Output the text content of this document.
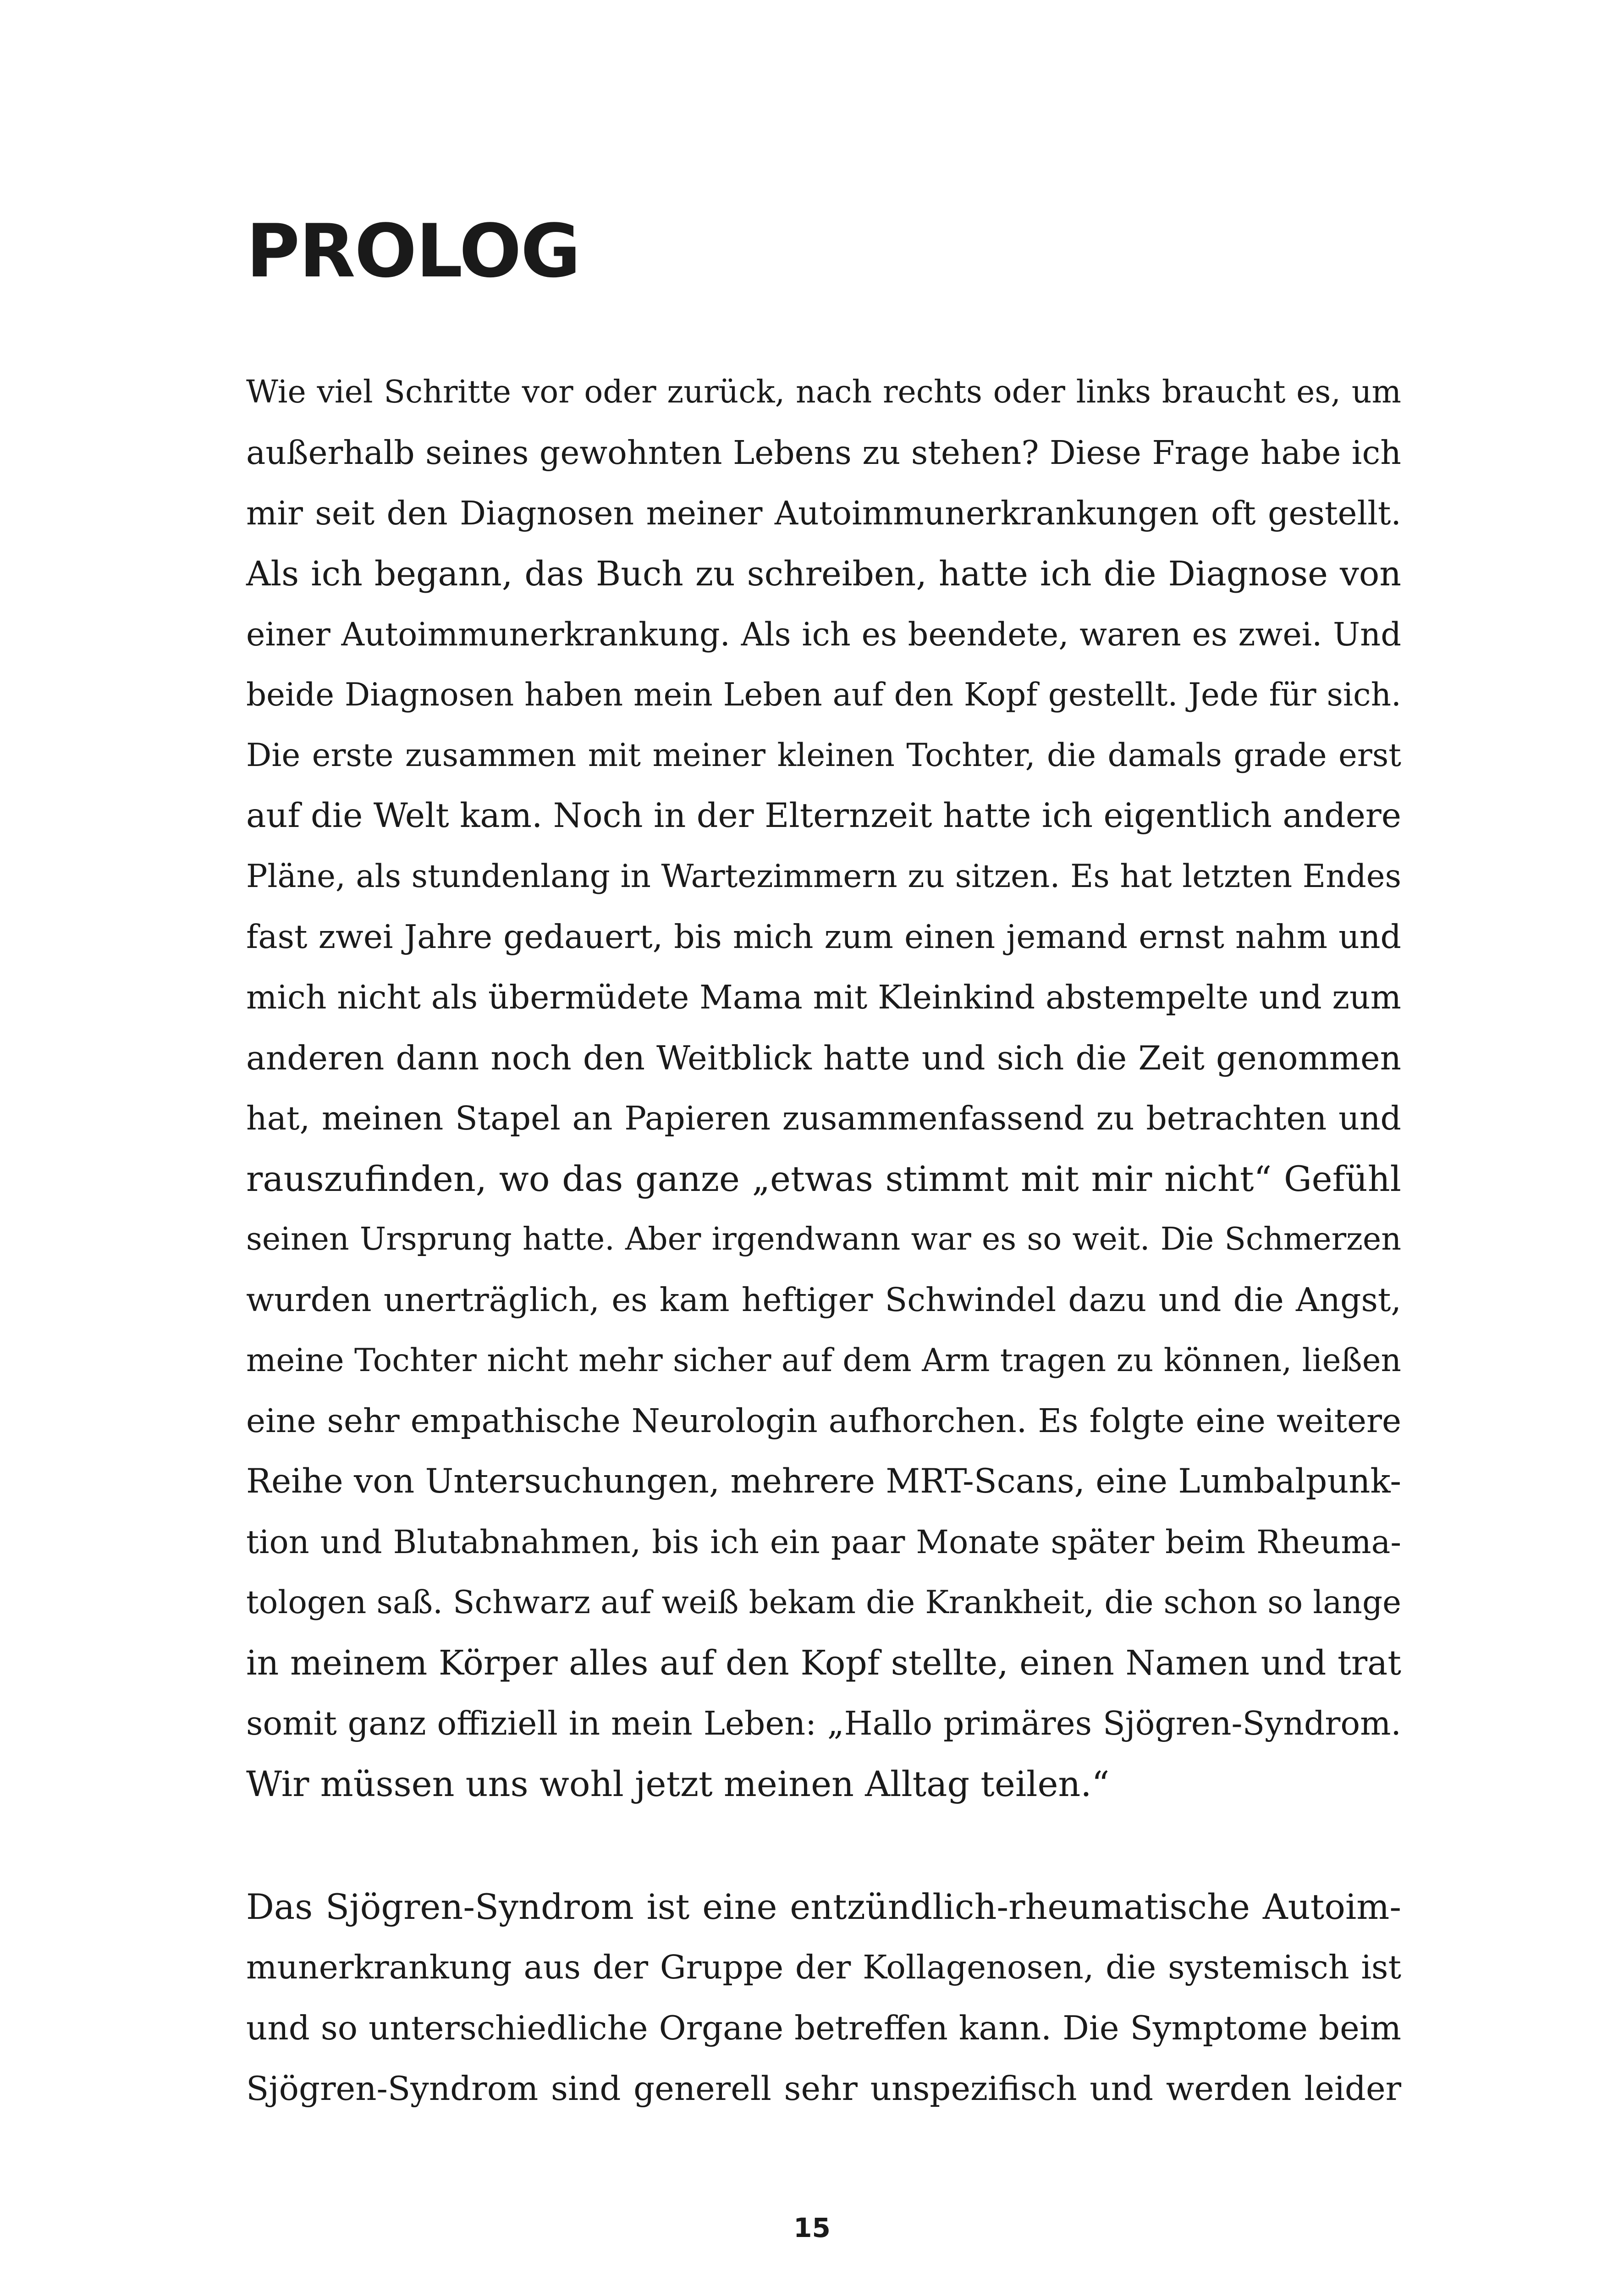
PROLOG
Wie viel Schritte vor oder zurück, nach rechts oder links braucht es, um
außerhalb seines gewohnten Lebens zu stehen? Diese Frage habe ich
mir seit den Diagnosen meiner Autoimmunerkrankungen oft gestellt.
Als ich begann, das Buch zu schreiben, hatte ich die Diagnose von
einer Autoimmunerkrankung. Als ich es beendete, waren es zwei. Und
beide Diagnosen haben mein Leben auf den Kopf gestellt. Jede für sich.
Die erste zusammen mit meiner kleinen Tochter, die damals grade erst
auf die Welt kam. Noch in der Elternzeit hatte ich eigentlich andere
Pläne, als stundenlang in Wartezimmern zu sitzen. Es hat letzten Endes
fast zwei Jahre gedauert, bis mich zum einen jemand ernst nahm und
mich nicht als übermüdete Mama mit Kleinkind abstempelte und zum
anderen dann noch den Weitblick hatte und sich die Zeit genommen
hat, meinen Stapel an Papieren zusammenfassend zu betrachten und
rauszufinden, wo das ganze „etwas stimmt mit mir nicht“ Gefühl
seinen Ursprung hatte. Aber irgendwann war es so weit. Die Schmerzen
wurden unerträglich, es kam heftiger Schwindel dazu und die Angst,
meine Tochter nicht mehr sicher auf dem Arm tragen zu können, ließen
eine sehr empathische Neurologin aufhorchen. Es folgte eine weitere
Reihe von Untersuchungen, mehrere MRT-Scans, eine Lumbalpunk-
tion und Blutabnahmen, bis ich ein paar Monate später beim Rheuma-
tologen saß. Schwarz auf weiß bekam die Krankheit, die schon so lange
in meinem Körper alles auf den Kopf stellte, einen Namen und trat
somit ganz offiziell in mein Leben: „Hallo primäres Sjögren-Syndrom.
Wir müssen uns wohl jetzt meinen Alltag teilen.“
Das Sjögren-Syndrom ist eine entzündlich-rheumatische Autoim-
munerkrankung aus der Gruppe der Kollagenosen, die systemisch ist
und so unterschiedliche Organe betreffen kann. Die Symptome beim
Sjögren-Syndrom sind generell sehr unspezifisch und werden leider
15
